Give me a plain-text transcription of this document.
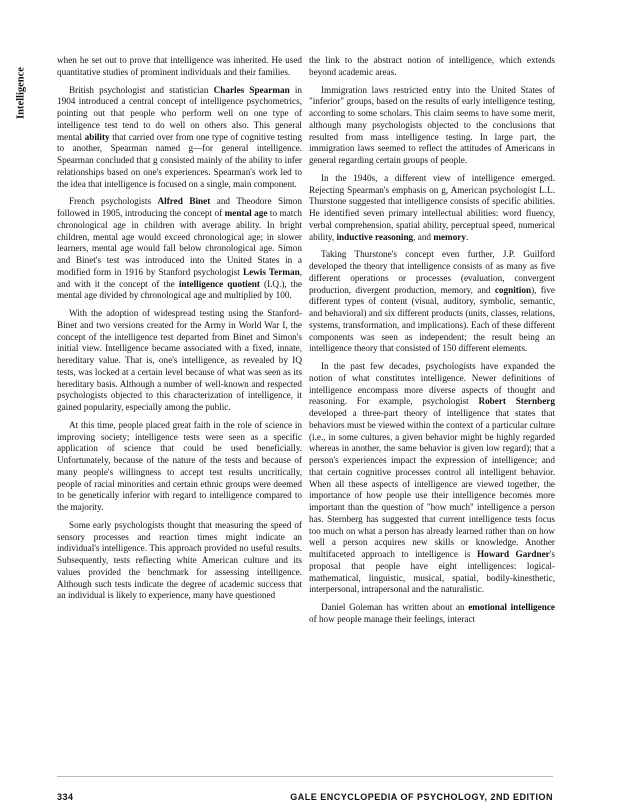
Intelligence

when he set out to prove that intelligence was inherited. He used quantitative studies of prominent individuals and their families.

British psychologist and statistician Charles Spearman in 1904 introduced a central concept of intelligence psychometrics, pointing out that people who perform well on one type of intelligence test tend to do well on others also. This general mental ability that carried over from one type of cognitive testing to another, Spearman named g—for general intelligence. Spearman concluded that g consisted mainly of the ability to infer relationships based on one's experiences. Spearman's work led to the idea that intelligence is focused on a single, main component.

French psychologists Alfred Binet and Theodore Simon followed in 1905, introducing the concept of mental age to match chronological age in children with average ability. In bright children, mental age would exceed chronological age; in slower learners, mental age would fall below chronological age. Simon and Binet's test was introduced into the United States in a modified form in 1916 by Stanford psychologist Lewis Terman, and with it the concept of the intelligence quotient (I.Q.), the mental age divided by chronological age and multiplied by 100.

With the adoption of widespread testing using the Stanford-Binet and two versions created for the Army in World War I, the concept of the intelligence test departed from Binet and Simon's initial view. Intelligence became associated with a fixed, innate, hereditary value. That is, one's intelligence, as revealed by IQ tests, was locked at a certain level because of what was seen as its hereditary basis. Although a number of well-known and respected psychologists objected to this characterization of intelligence, it gained popularity, especially among the public.

At this time, people placed great faith in the role of science in improving society; intelligence tests were seen as a specific application of science that could be used beneficially. Unfortunately, because of the nature of the tests and because of many people's willingness to accept test results uncritically, people of racial minorities and certain ethnic groups were deemed to be genetically inferior with regard to intelligence compared to the majority.

Some early psychologists thought that measuring the speed of sensory processes and reaction times might indicate an individual's intelligence. This approach provided no useful results. Subsequently, tests reflecting white American culture and its values provided the benchmark for assessing intelligence. Although such tests indicate the degree of academic success that an individual is likely to experience, many have questioned

the link to the abstract notion of intelligence, which extends beyond academic areas.

Immigration laws restricted entry into the United States of "inferior" groups, based on the results of early intelligence testing, according to some scholars. This claim seems to have some merit, although many psychologists objected to the conclusions that resulted from mass intelligence testing. In large part, the immigration laws seemed to reflect the attitudes of Americans in general regarding certain groups of people.

In the 1940s, a different view of intelligence emerged. Rejecting Spearman's emphasis on g, American psychologist L.L. Thurstone suggested that intelligence consists of specific abilities. He identified seven primary intellectual abilities: word fluency, verbal comprehension, spatial ability, perceptual speed, numerical ability, inductive reasoning, and memory.

Taking Thurstone's concept even further, J.P. Guilford developed the theory that intelligence consists of as many as five different operations or processes (evaluation, convergent production, divergent production, memory, and cognition), five different types of content (visual, auditory, symbolic, semantic, and behavioral) and six different products (units, classes, relations, systems, transformation, and implications). Each of these different components was seen as independent; the result being an intelligence theory that consisted of 150 different elements.

In the past few decades, psychologists have expanded the notion of what constitutes intelligence. Newer definitions of intelligence encompass more diverse aspects of thought and reasoning. For example, psychologist Robert Sternberg developed a three-part theory of intelligence that states that behaviors must be viewed within the context of a particular culture (i.e., in some cultures, a given behavior might be highly regarded whereas in another, the same behavior is given low regard); that a person's experiences impact the expression of intelligence; and that certain cognitive processes control all intelligent behavior. When all these aspects of intelligence are viewed together, the importance of how people use their intelligence becomes more important than the question of "how much" intelligence a person has. Sternberg has suggested that current intelligence tests focus too much on what a person has already learned rather than on how well a person acquires new skills or knowledge. Another multifaceted approach to intelligence is Howard Gardner's proposal that people have eight intelligences: logical-mathematical, linguistic, musical, spatial, bodily-kinesthetic, interpersonal, intrapersonal and the naturalistic.

Daniel Goleman has written about an emotional intelligence of how people manage their feelings, interact

334	GALE ENCYCLOPEDIA OF PSYCHOLOGY, 2ND EDITION
